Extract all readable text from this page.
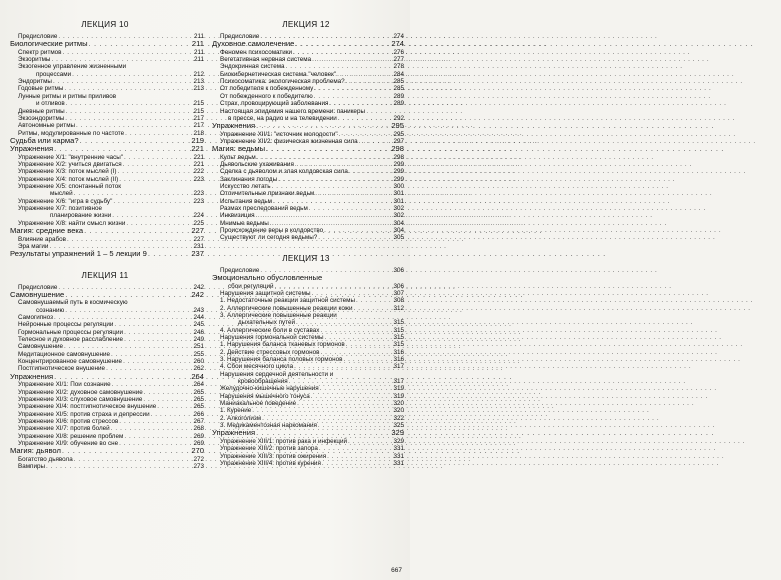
ЛЕКЦИЯ 10
Предисловие . . .	211
Биологические ритмы . . .	211
Спектр ритмов . . .	211
Экзоритмы . . .	211
Экзогенное управление жизненными
процессами . . .	212
Эндоритмы . . .	213
Годовые ритмы . . .	213
Лунные ритмы и ритмы приливов
и отливов . . .	215
Дневные ритмы . . .	215
Экзоэндоритмы . . .	217
Автономные ритмы . . .	217
Ритмы, модулированные по частоте . . .	218
Судьба или карма? . . .	219
Упражнения . . .	221
Упражнение X/1: "внутренние часы" . . .	221
Упражнение X/2: учиться двигаться . . .	221
Упражнение X/3: поток мыслей (I) . . .	222
Упражнение X/4: поток мыслей (II) . . .	223
Упражнение X/5: спонтанный поток
мыслей . . .	223
Упражнение X/6: "игра в судьбу" . . .	223
Упражнение X/7: позитивное
планирование жизни . . .	224
Упражнение X/8: найти смысл жизни . . .	225
Магия: средние века . . .	227
Влияние арабов . . .	227
Эра магии . . .	231
Результаты упражнений 1 – 5 лекции 9 . . .	237
ЛЕКЦИЯ 11
Предисловие . . .	242
Самовнушение . . .	242
Самовнушаемый путь в космическую
сознанию . . .	243
Самогипноз . . .	244
Нейронные процессы регуляции . . .	245
Гормональные процессы регуляции . . .	246
Телесное и духовное расслабление . . .	249
Самовнушение . . .	251
Медитационное самовнушение . . .	255
Концентрированное самовнушение . . .	260
Постгипнотическое внушение . . .	262
Упражнения . . .	264
Упражнение XI/1: Пои сознание . . .	264
Упражнение XI/2: духовное самовнушение . . .	265
Упражнение XI/3: слуховое самовнушение . . .	265
Упражнение XI/4: постгипнотическое внушение . . .	265
Упражнение XI/5: против страха и депрессии . . .	266
Упражнение XI/6: против стрессов . . .	267
Упражнение XI/7: против болей . . .	268
Упражнение XI/8: решение проблем . . .	269
Упражнение XI/9: обучение во сне . . .	269
Магия: дьявол . . .	270
Богатство дьявола . . .	272
Вампиры . . .	273
ЛЕКЦИЯ 12
Предисловие . . .	274
Духовное самолечение . . .	274
Феномен психосоматики . . .	276
Вегетативная нервная система . . .	277
Эндокринная система . . .	278
Биокибернетическая система "человек" . . .	284
Психосоматика: экологическая проблема? . . .	285
От победителя к побежденному . . .	285
От побежденного к победителю . . .	289
Страх, провоцирующий заболевания . . .	289
Настоящая эпидемия нашего времени: паникеры
в прессе, на радио и на телевидении . . .	292
Упражнения . . .	295
Упражнение XII/1: "источник молодости" . . .	295
Упражнение XII/2: физическая жизненная сила . . .	297
Магия: ведьмы . . .	298
Культ ведьм . . .	298
Дьявольские ухаживания . . .	299
Сделка с дьяволом и злая колдовская сила . . .	299
Заклинания погоды . . .	299
Искусство летать . . .	300
Отличительные признаки ведьм . . .	301
Испытания ведьм . . .	301
Размах преследований ведьм . . .	302
Инквизиция . . .	302
Мнимые ведьмы . . .	304
Происхождение веры в колдовство . . .	304
Существуют ли сегодня ведьмы? . . .	305
ЛЕКЦИЯ 13
Предисловие . . .	306
Эмоционально обусловленные
сбои регуляций . . .	306
Нарушения защитной системы . . .	307
1. Недостаточные реакции защитной системы . . .	308
2. Аллергические повышенные реакции кожи . . .	312
3. Аллергические повышенные реакции
дыхательных путей . . .	315
4. Аллергические боли в суставах . . .	315
Нарушения гормональной системы . . .	315
1. Нарушения баланса тканевых гормонов . . .	315
2. Действие стрессовых гормонов . . .	316
3. Нарушения баланса половых гормонов . . .	316
4. Сбои месячного цикла . . .	317
Нарушения сердечной деятельности и
кровообращения . . .	317
Желудочно-кишечные нарушения . . .	319
Нарушения мышечного тонуса . . .	319
Маниакальное поведение . . .	320
1. Курение . . .	320
2. Алкоголизм . . .	322
3. Медикаментозная наркомания . . .	325
Упражнения . . .	329
Упражнение XIII/1: против рака и инфекций . . .	329
Упражнение XIII/2: против запора . . .	331
Упражнение XIII/3: против ожирения . . .	331
Упражнение XIII/4: против курения . . .	331
667
